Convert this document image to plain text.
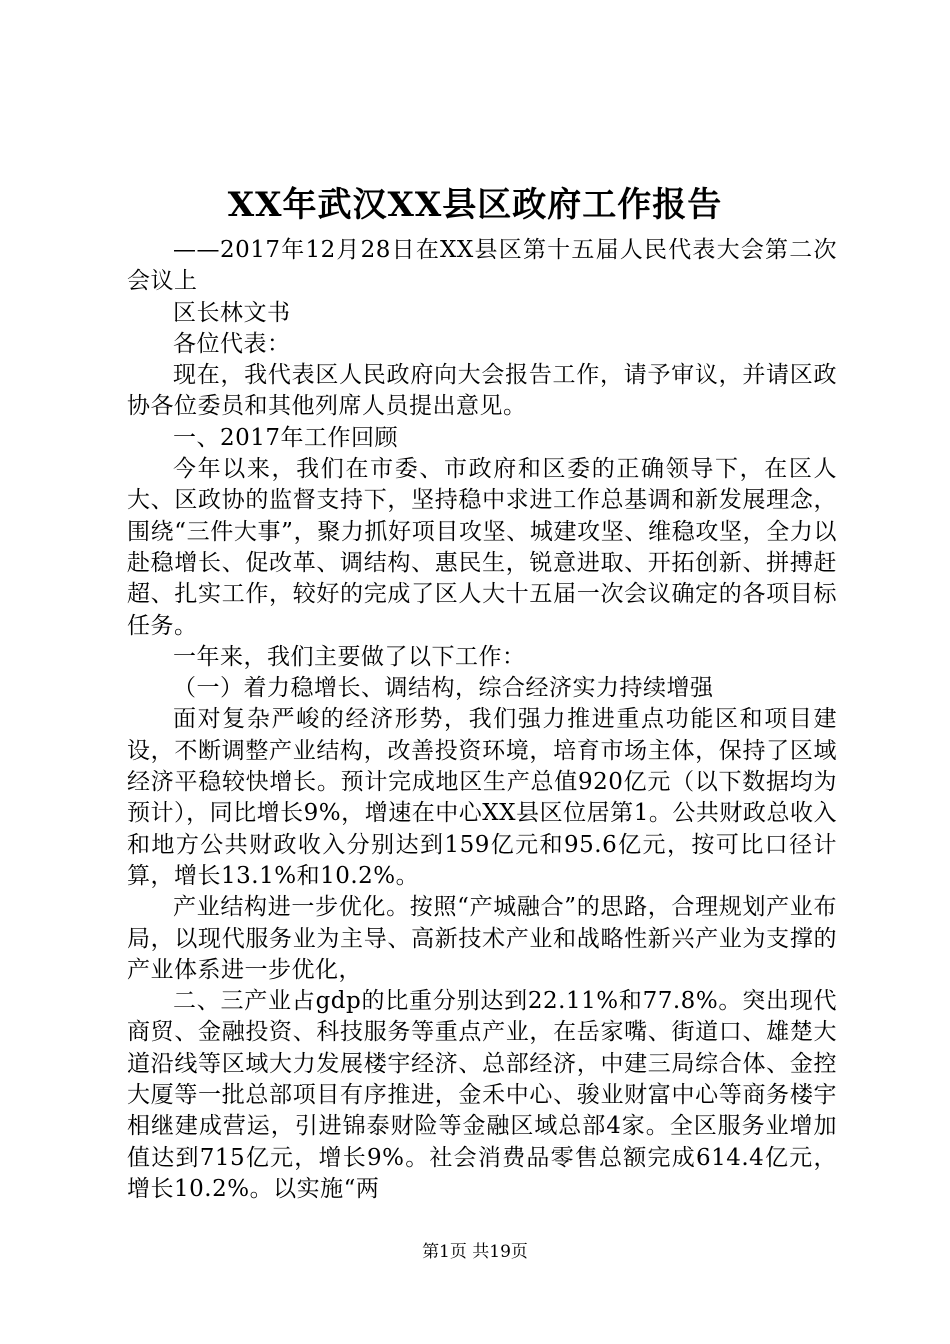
XX年武汉XX县区政府工作报告

——2017年12月28日在XX县区第十五届人民代表大会第二次会议上

区长林文书

各位代表：

现在，我代表区人民政府向大会报告工作，请予审议，并请区政协各位委员和其他列席人员提出意见。

一、2017年工作回顾

今年以来，我们在市委、市政府和区委的正确领导下，在区人大、区政协的监督支持下，坚持稳中求进工作总基调和新发展理念，围绕“三件大事”，聚力抓好项目攻坚、城建攻坚、维稳攻坚，全力以赴稳增长、促改革、调结构、惠民生，锐意进取、开拓创新、拼搏赶超、扎实工作，较好的完成了区人大十五届一次会议确定的各项目标任务。

一年来，我们主要做了以下工作：

（一）着力稳增长、调结构，综合经济实力持续增强

面对复杂严峻的经济形势，我们强力推进重点功能区和项目建设，不断调整产业结构，改善投资环境，培育市场主体，保持了区域经济平稳较快增长。预计完成地区生产总值920亿元（以下数据均为预计），同比增长9%，增速在中心XX县区位居第1。公共财政总收入和地方公共财政收入分别达到159亿元和95.6亿元，按可比口径计算，增长13.1%和10.2%。

产业结构进一步优化。按照“产城融合”的思路，合理规划产业布局，以现代服务业为主导、高新技术产业和战略性新兴产业为支撑的产业体系进一步优化，

二、三产业占gdp的比重分别达到22.11%和77.8%。突出现代商贸、金融投资、科技服务等重点产业，在岳家嘴、街道口、雄楚大道沿线等区域大力发展楼宇经济、总部经济，中建三局综合体、金控大厦等一批总部项目有序推进，金禾中心、骏业财富中心等商务楼宇相继建成营运，引进锦泰财险等金融区域总部4家。全区服务业增加值达到715亿元，增长9%。社会消费品零售总额完成614.4亿元，增长10.2%。以实施“两

第1页 共19页
